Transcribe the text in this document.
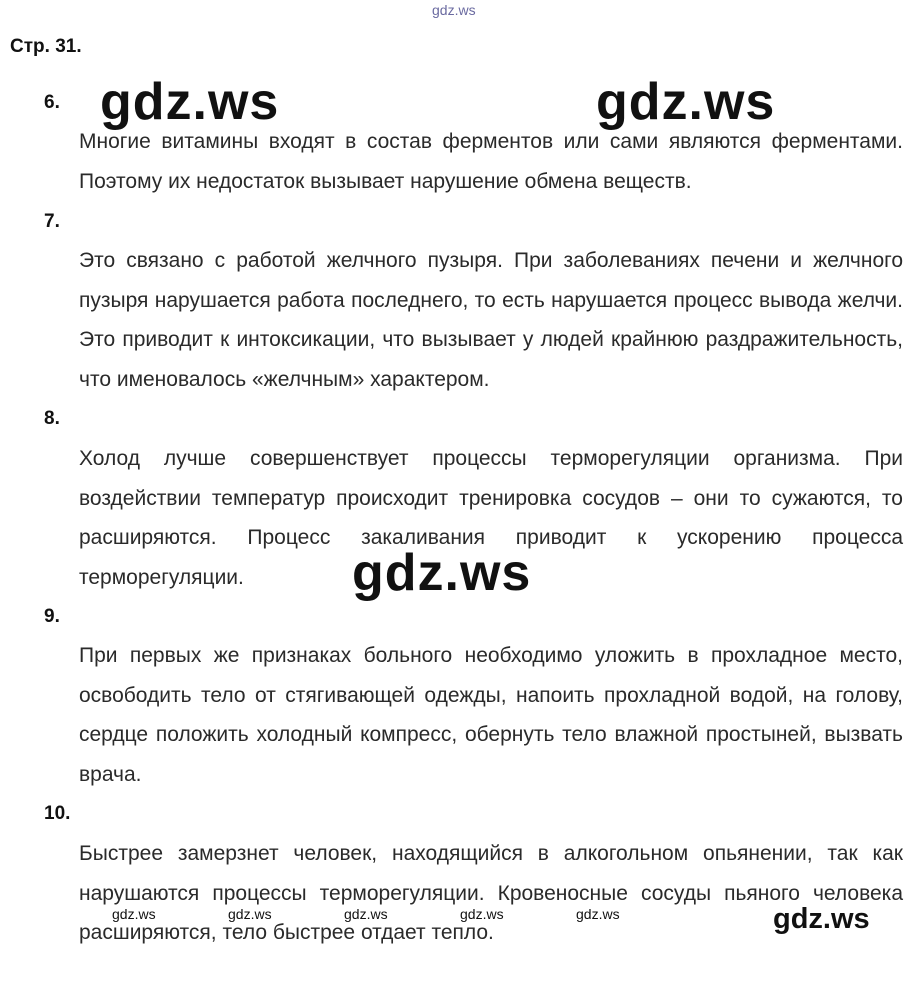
gdz.ws
Стр. 31.
6.
Многие витамины входят в состав ферментов или сами являются ферментами. Поэтому их недостаток вызывает нарушение обмена веществ.
7.
Это связано с работой желчного пузыря. При заболеваниях печени и желчного пузыря нарушается работа последнего, то есть нарушается процесс вывода желчи. Это приводит к интоксикации, что вызывает у людей крайнюю раздражительность, что именовалось «желчным» характером.
8.
Холод лучше совершенствует процессы терморегуляции организма. При воздействии температур происходит тренировка сосудов – они то сужаются, то расширяются. Процесс закаливания приводит к ускорению процесса терморегуляции.
9.
При первых же признаках больного необходимо уложить в прохладное место, освободить тело от стягивающей одежды, напоить прохладной водой, на голову, сердце положить холодный компресс, обернуть тело влажной простыней, вызвать врача.
10.
Быстрее замерзнет человек, находящийся в алкогольном опьянении, так как нарушаются процессы терморегуляции. Кровеносные сосуды пьяного человека расширяются, тело быстрее отдает тепло.
gdz.ws	gdz.ws
gdz.ws
gdz.ws	gdz.ws	gdz.ws	gdz.ws	gdz.ws	gdz.ws
